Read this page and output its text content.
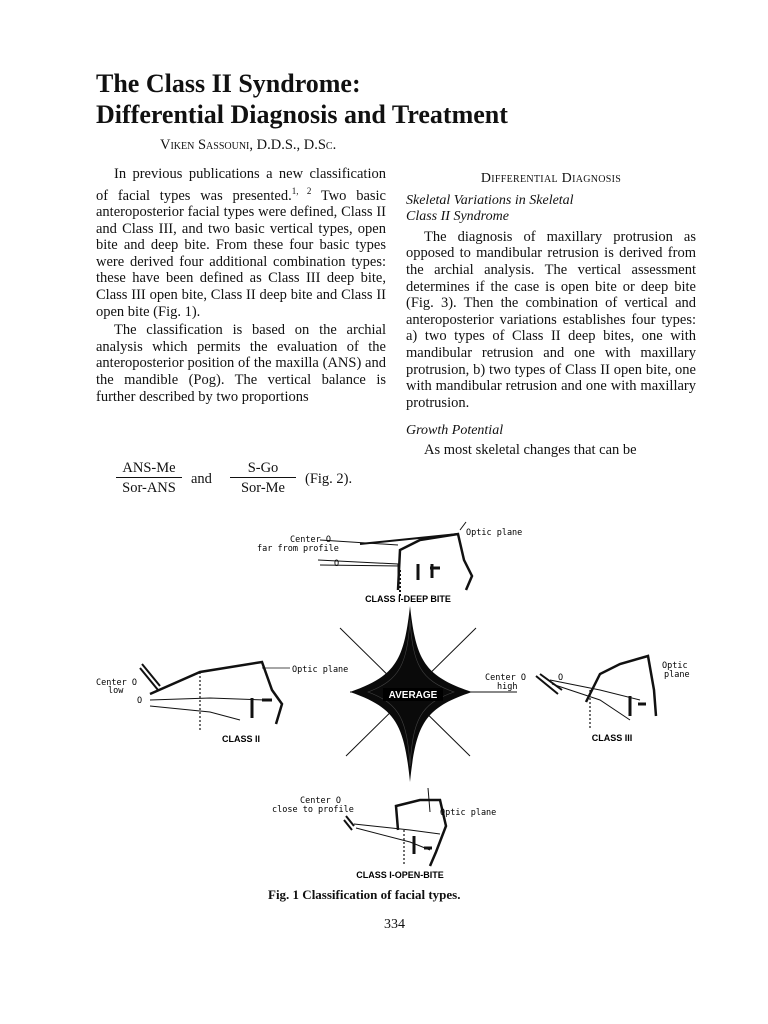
The Class II Syndrome:
Differential Diagnosis and Treatment
Viken Sassouni, D.D.S., D.Sc.

In previous publications a new classification of facial types was presented.$^{1, 2}$ Two basic anteroposterior facial types were defined, Class II and Class III, and two basic vertical types, open bite and deep bite. From these four basic types were derived four additional combination types: these have been defined as Class III deep bite, Class III open bite, Class II deep bite and Class II open bite (Fig. 1).

The classification is based on the archial analysis which permits the evaluation of the anteroposterior position of the maxilla (ANS) and the mandible (Pog). The vertical balance is further described by two proportions

ANS-Me
Sor-ANS
and
S-Go
Sor-Me
(Fig. 2).
Differential Diagnosis
Skeletal Variations in Skeletal
Class II Syndrome

The diagnosis of maxillary protrusion as opposed to mandibular retrusion is derived from the archial analysis. The vertical assessment determines if the case is open bite or deep bite (Fig. 3). Then the combination of vertical and anteroposterior variations establishes four types: a) two types of Class II deep bites, one with mandibular retrusion and one with maxillary protrusion, b) two types of Class II open bite, one with mandibular retrusion and one with maxillary protrusion.

Growth Potential

As most skeletal changes that can be

AVERAGE
Center O
far from profile
Optic plane
O
CLASS I-DEEP BITE
Center O
low
Optic plane
O
CLASS II
Center O
high
Optic
plane
O
CLASS III
Center O
close to profile	Optic plane
CLASS I-OPEN-BITE
Fig. 1 Classification of facial types.
334
